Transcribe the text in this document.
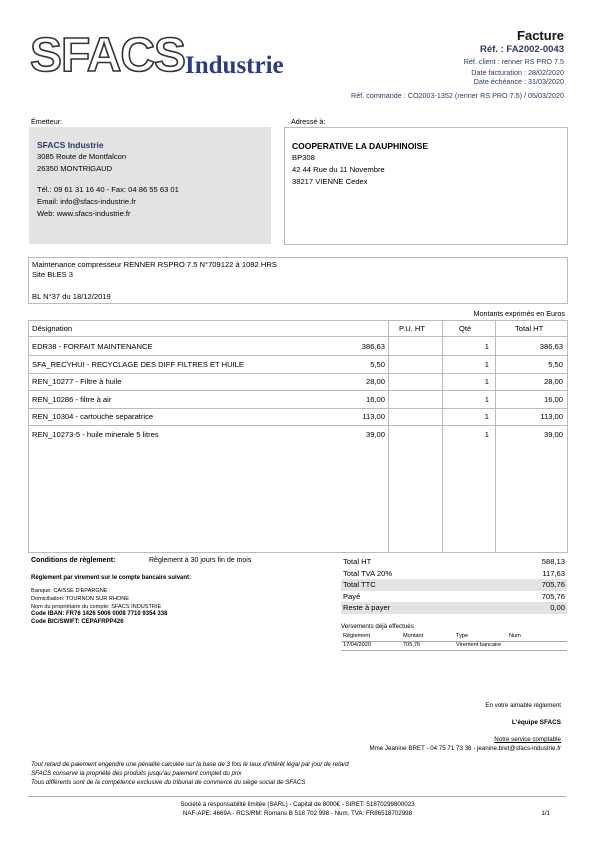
SFACS Industrie
Facture
Réf. : FA2002-0043
Réf. client : renner RS PRO 7.5
Date facturation : 28/02/2020
Date échéance : 31/03/2020
Réf. commande : CO2003-1352 (renner RS PRO 7.5) / 05/03/2020
Émetteur:
SFACS Industrie
3085 Route de Montfalcon
26350 MONTRIGAUD
Tél.: 09 61 31 16 40 - Fax: 04 86 55 63 01
Email: info@sfacs-industrie.fr
Web: www.sfacs-industrie.fr
Adressé à:
COOPERATIVE LA DAUPHINOISE
BP308
42 44 Rue du 11 Novembre
38217 VIENNE Cedex
Maintenance compresseur RENNER RSPRO 7.5 N°709122 à 1082 HRS
Site BLES 3
BL N°37 du 18/12/2019
Montants exprimés en Euros
Désignation	P.U. HT	Qté	Total HT
EDR38 - FORFAIT MAINTENANCE	386,63	1	386,63
SFA_RECYHUI - RECYCLAGE DES DIFF FILTRES ET HUILE	5,50	1	5,50
REN_10277 - Filtre à huile	28,00	1	28,00
REN_10286 - filtre à air	16,00	1	16,00
REN_10304 - cartouche separatrice	113,00	1	113,00
REN_10273-5 - huile minerale 5 litres	39,00	1	39,00
Conditions de règlement:	Règlement à 30 jours fin de mois
Règlement par virement sur le compte bancaire suivant:
Banque: CAISSE D'EPARGNE
Domiciliation: TOURNON SUR RHONE
Nom du propriétaire du compte: SFACS INDUSTRIE
Code IBAN: FR76 1426 5006 0008 7710 9354 338
Code BIC/SWIFT: CEPAFRPP426
Total HT	588,13
Total TVA 20%	117,63
Total TTC	705,76
Payé	705,76
Reste à payer	0,00
Versements déjà effectués
Règlement	Montant	Type	Num
17/04/2020	705,76	Virement bancaire
En votre aimable règlement
L'équipe SFACS
Notre service comptable
Mme Jeanine BRET - 04 75 71 73 36 - jeanine.bret@sfacs-industrie.fr
Tout retard de paiement engendre une pénalité calculée sur la base de 3 fois le taux d'intérêt légal par jour de retard
SFACS conserve la propriété des produits jusqu'au paiement complet du prix
Tous différents sont de la compétence exclusive du tribunal de commerce du siège social de SFACS
Société à responsabilité limitée (SARL) - Capital de 8000€ - SIRET: 51870299800023
NAF-APE: 4669A - RCS/RM: Romans B 518 702 998 - Num. TVA: FR86518702998	1/1
